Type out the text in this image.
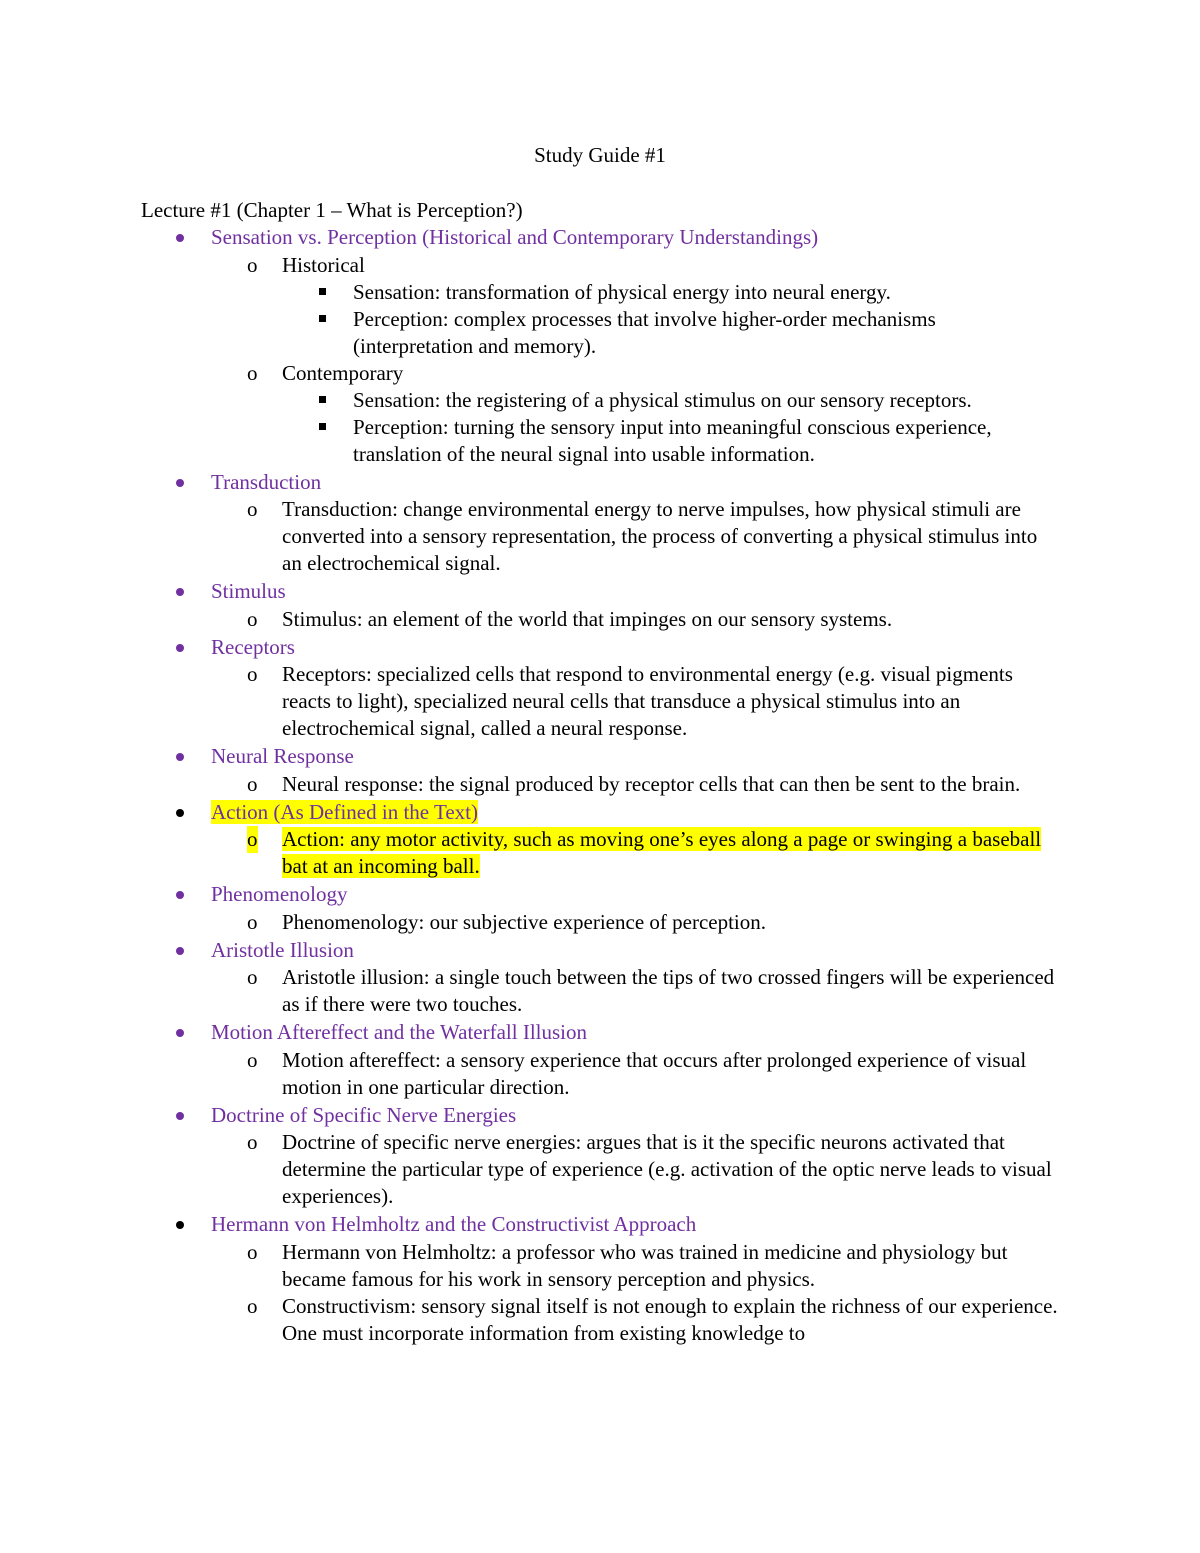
Study Guide #1
Lecture #1 (Chapter 1 – What is Perception?)
Sensation vs. Perception (Historical and Contemporary Understandings)
o Historical
Sensation: transformation of physical energy into neural energy.
Perception: complex processes that involve higher-order mechanisms (interpretation and memory).
o Contemporary
Sensation: the registering of a physical stimulus on our sensory receptors.
Perception: turning the sensory input into meaningful conscious experience, translation of the neural signal into usable information.
Transduction
o Transduction: change environmental energy to nerve impulses, how physical stimuli are converted into a sensory representation, the process of converting a physical stimulus into an electrochemical signal.
Stimulus
o Stimulus: an element of the world that impinges on our sensory systems.
Receptors
o Receptors: specialized cells that respond to environmental energy (e.g. visual pigments reacts to light), specialized neural cells that transduce a physical stimulus into an electrochemical signal, called a neural response.
Neural Response
o Neural response: the signal produced by receptor cells that can then be sent to the brain.
Action (As Defined in the Text)
o Action: any motor activity, such as moving one’s eyes along a page or swinging a baseball bat at an incoming ball.
Phenomenology
o Phenomenology: our subjective experience of perception.
Aristotle Illusion
o Aristotle illusion: a single touch between the tips of two crossed fingers will be experienced as if there were two touches.
Motion Aftereffect and the Waterfall Illusion
o Motion aftereffect: a sensory experience that occurs after prolonged experience of visual motion in one particular direction.
Doctrine of Specific Nerve Energies
o Doctrine of specific nerve energies: argues that is it the specific neurons activated that determine the particular type of experience (e.g. activation of the optic nerve leads to visual experiences).
Hermann von Helmholtz and the Constructivist Approach
o Hermann von Helmholtz: a professor who was trained in medicine and physiology but became famous for his work in sensory perception and physics.
o Constructivism: sensory signal itself is not enough to explain the richness of our experience. One must incorporate information from existing knowledge to
